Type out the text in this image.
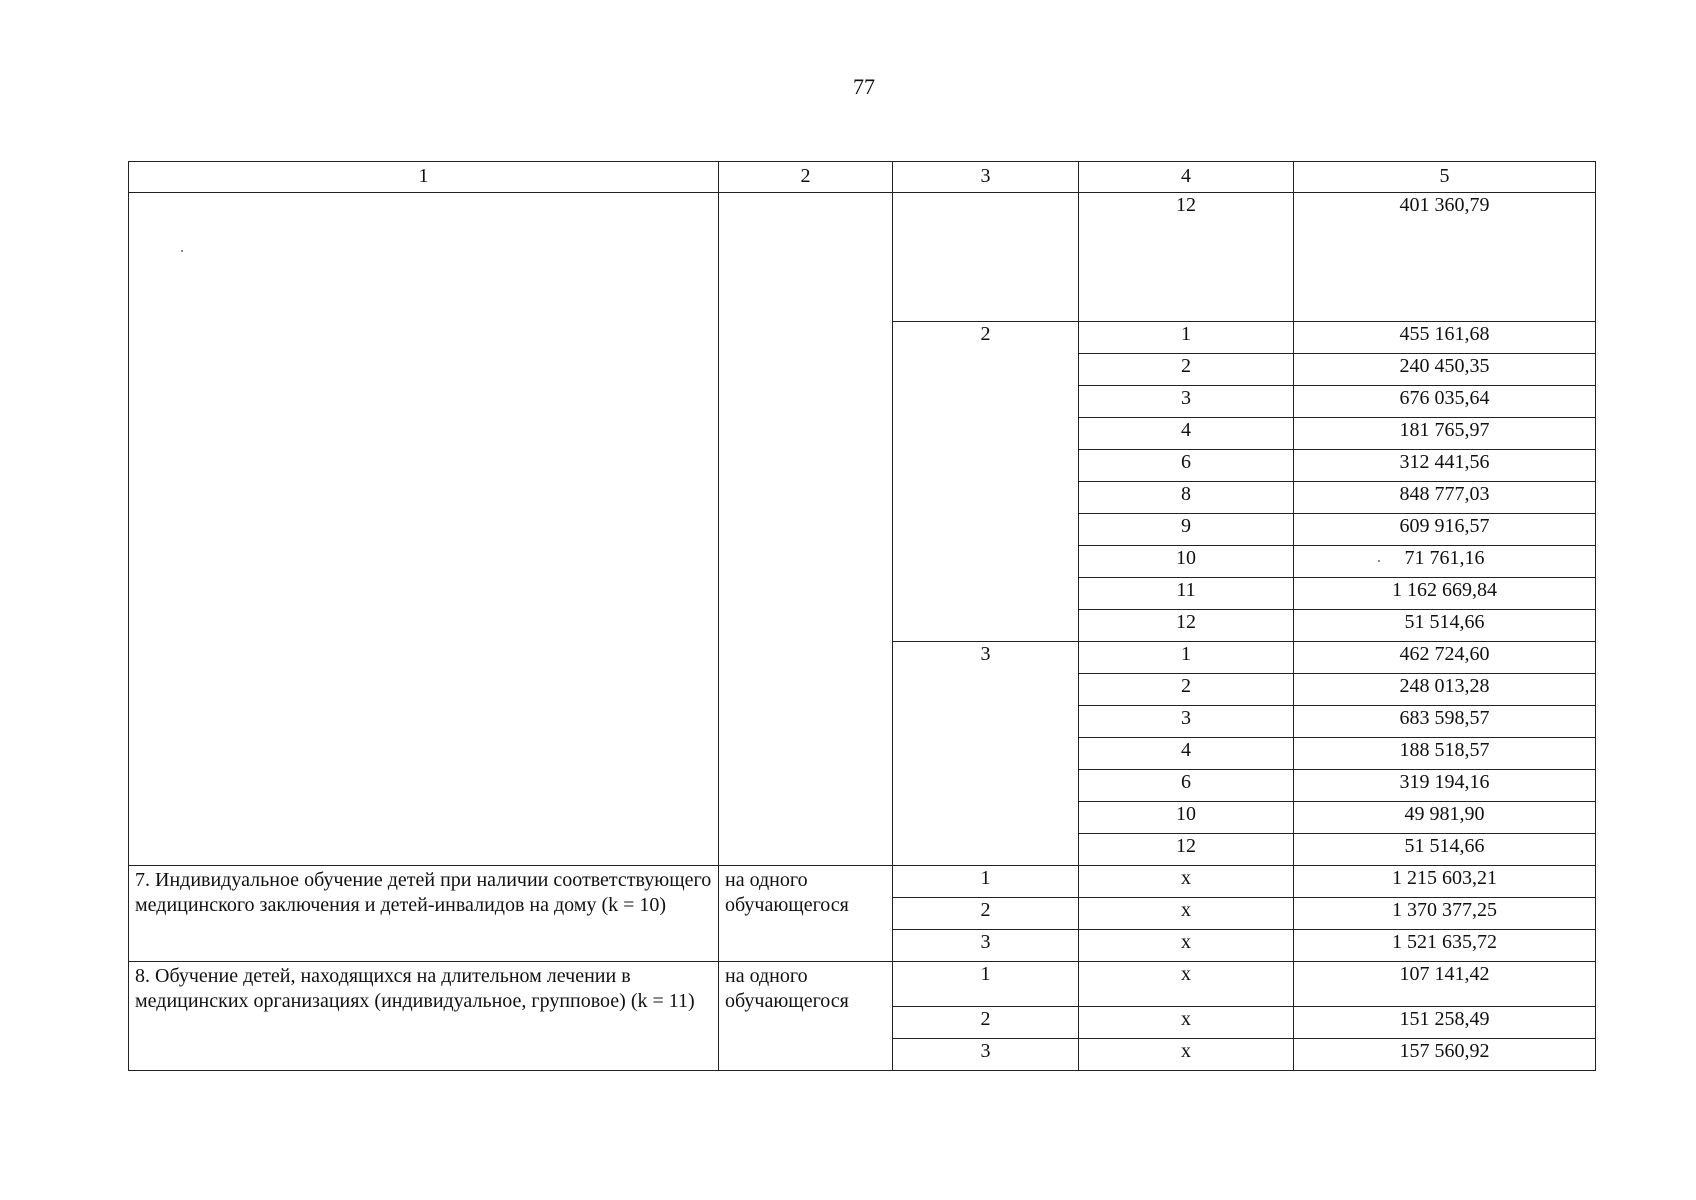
77
1	2	3	4	5
			12	401 360,79
		2	1	455 161,68
			2	240 450,35
			3	676 035,64
			4	181 765,97
			6	312 441,56
			8	848 777,03
			9	609 916,57
			10	71 761,16
			11	1 162 669,84
			12	51 514,66
		3	1	462 724,60
			2	248 013,28
			3	683 598,57
			4	188 518,57
			6	319 194,16
			10	49 981,90
			12	51 514,66
7. Индивидуальное обучение детей при наличии соответствующего медицинского заключения и детей-инвалидов на дому (k = 10)	на одного обучающегося	1	х	1 215 603,21
		2	х	1 370 377,25
		3	х	1 521 635,72
8. Обучение детей, находящихся на длительном лечении в медицинских организациях (индивидуальное, групповое) (k = 11)	на одного обучающегося	1	х	107 141,42
		2	х	151 258,49
		3	х	157 560,92
